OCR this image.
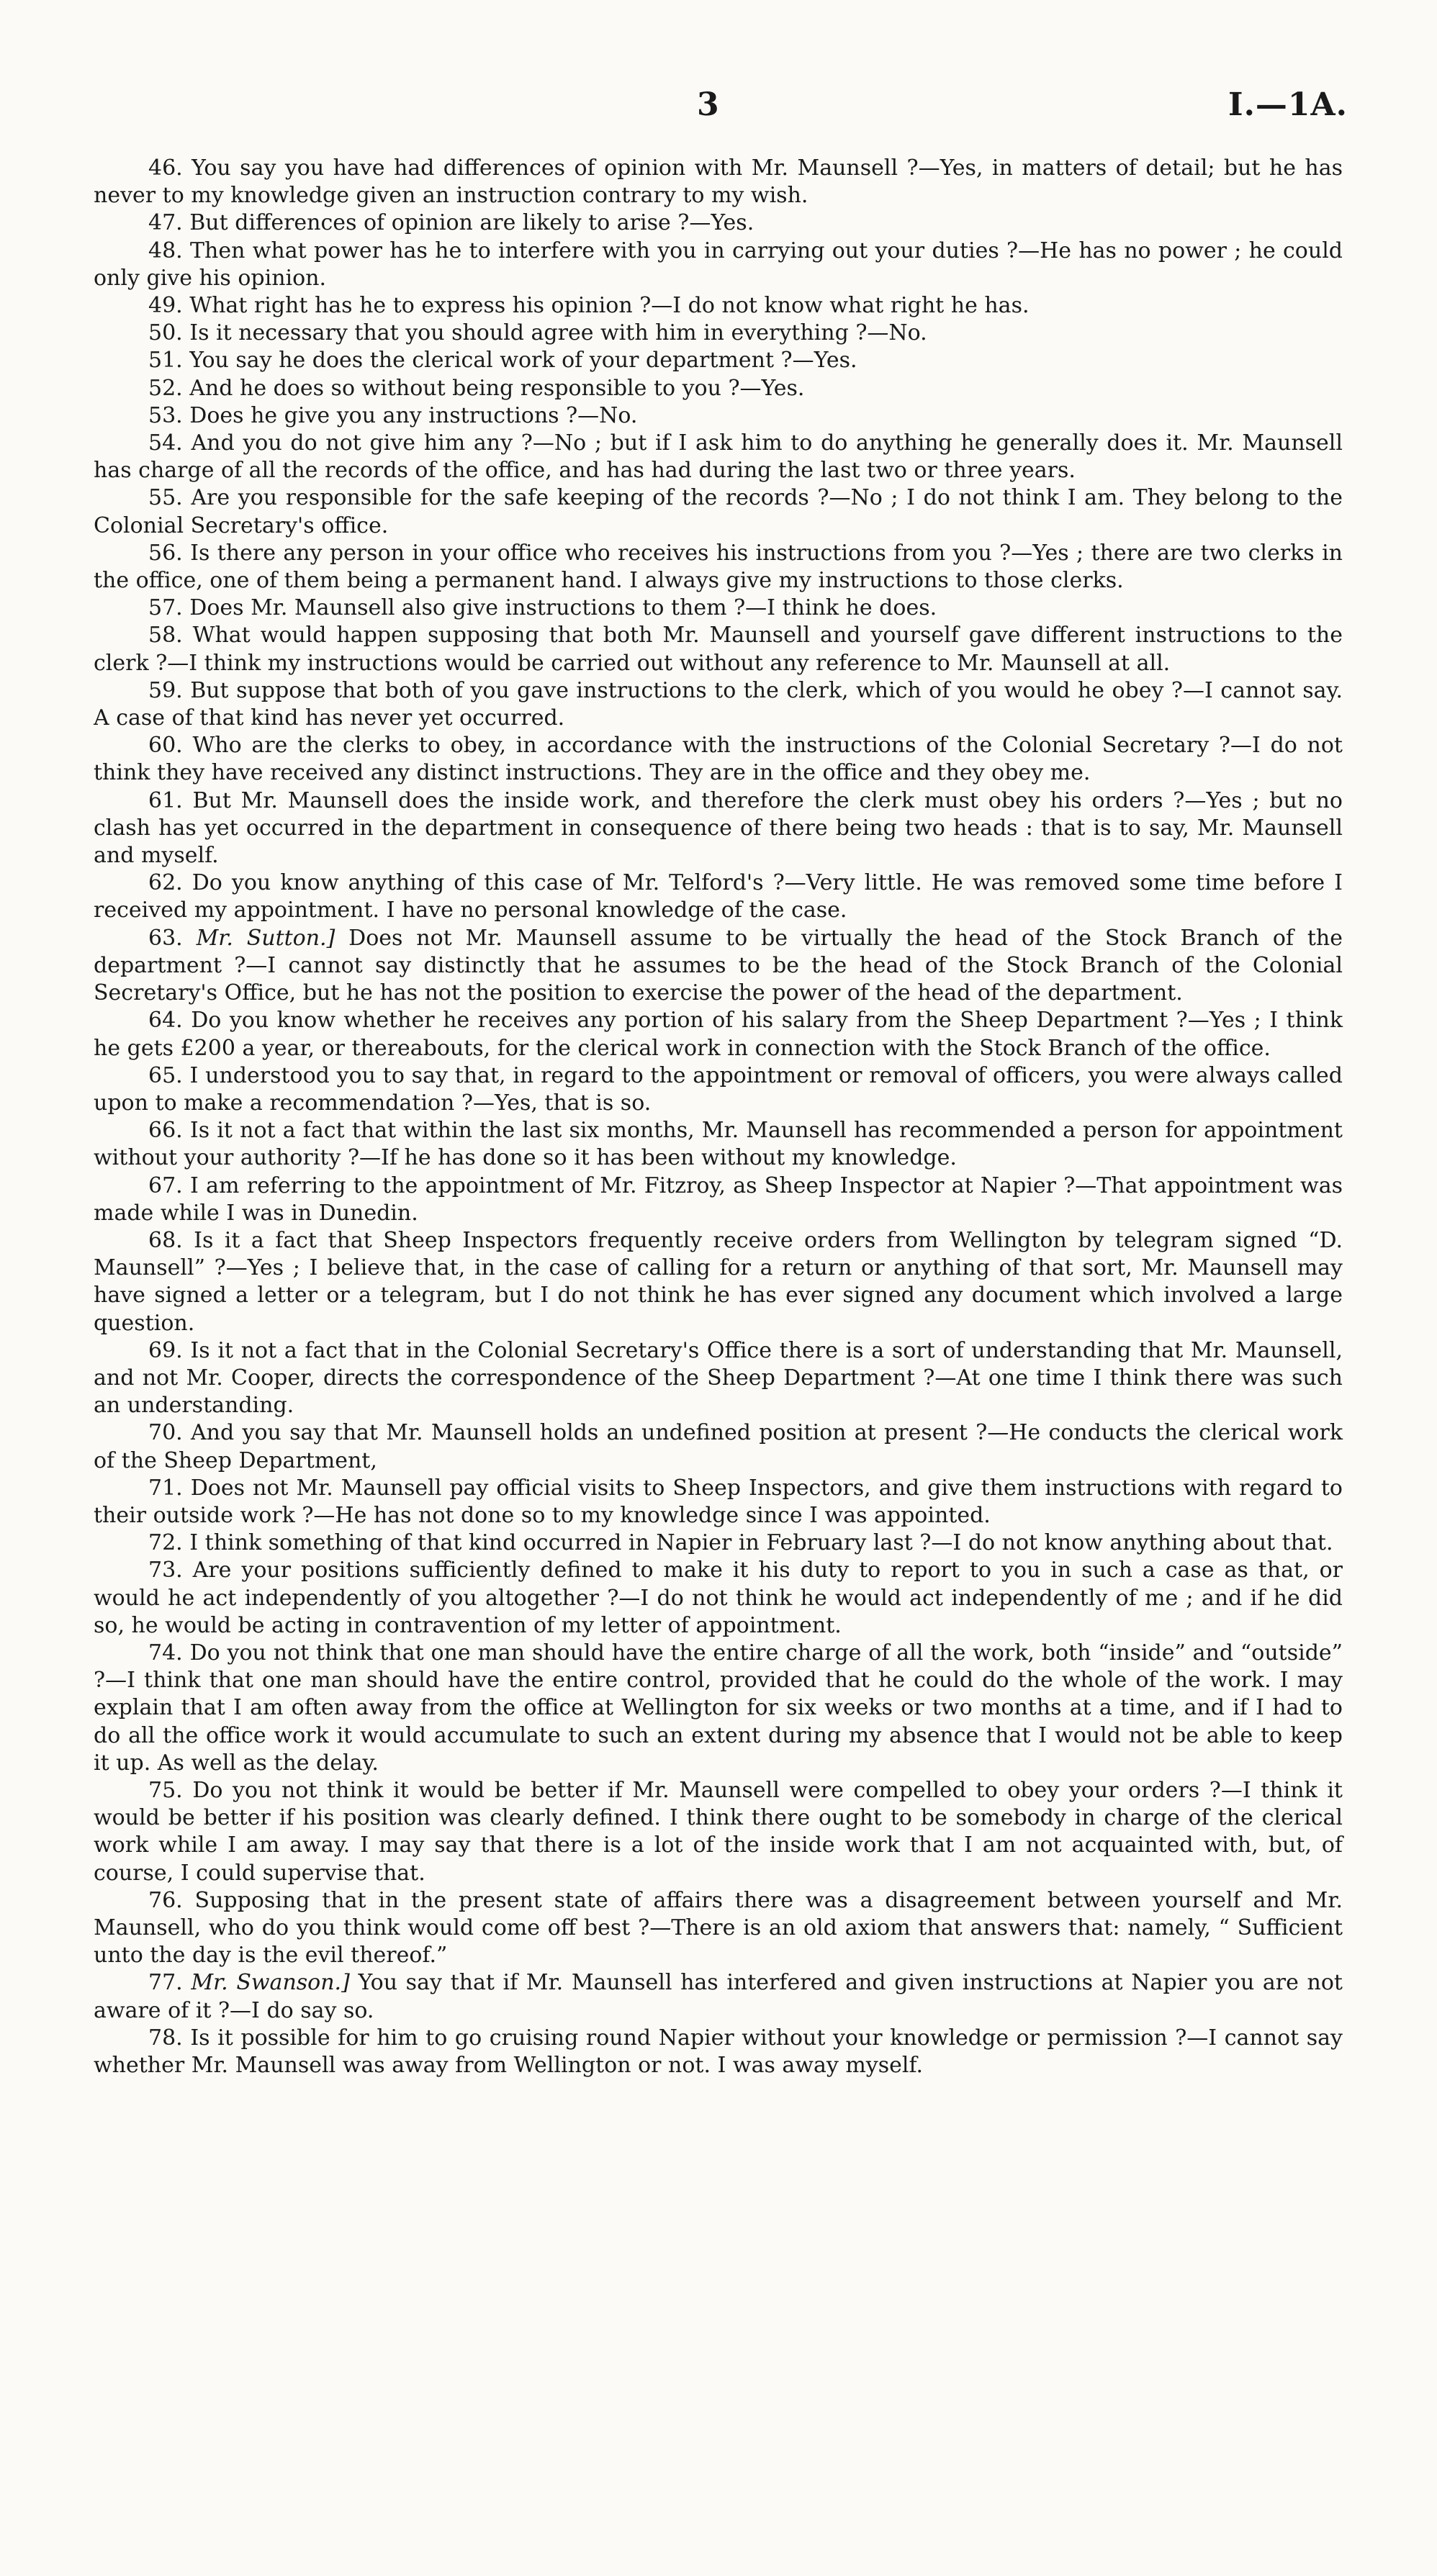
3	I.—1A.

46. You say you have had differences of opinion with Mr. Maunsell ?—Yes, in matters of detail; but he has never to my knowledge given an instruction contrary to my wish.

47. But differences of opinion are likely to arise ?—Yes.

48. Then what power has he to interfere with you in carrying out your duties ?—He has no power ; he could only give his opinion.

49. What right has he to express his opinion ?—I do not know what right he has.

50. Is it necessary that you should agree with him in everything ?—No.

51. You say he does the clerical work of your department ?—Yes.

52. And he does so without being responsible to you ?—Yes.

53. Does he give you any instructions ?—No.

54. And you do not give him any ?—No ; but if I ask him to do anything he generally does it. Mr. Maunsell has charge of all the records of the office, and has had during the last two or three years.

55. Are you responsible for the safe keeping of the records ?—No ; I do not think I am. They belong to the Colonial Secretary's office.

56. Is there any person in your office who receives his instructions from you ?—Yes ; there are two clerks in the office, one of them being a permanent hand. I always give my instructions to those clerks.

57. Does Mr. Maunsell also give instructions to them ?—I think he does.

58. What would happen supposing that both Mr. Maunsell and yourself gave different instructions to the clerk ?—I think my instructions would be carried out without any reference to Mr. Maunsell at all.

59. But suppose that both of you gave instructions to the clerk, which of you would he obey ?—I cannot say. A case of that kind has never yet occurred.

60. Who are the clerks to obey, in accordance with the instructions of the Colonial Secretary ?—I do not think they have received any distinct instructions. They are in the office and they obey me.

61. But Mr. Maunsell does the inside work, and therefore the clerk must obey his orders ?—Yes ; but no clash has yet occurred in the department in consequence of there being two heads : that is to say, Mr. Maunsell and myself.

62. Do you know anything of this case of Mr. Telford's ?—Very little. He was removed some time before I received my appointment. I have no personal knowledge of the case.

63. Mr. Sutton.] Does not Mr. Maunsell assume to be virtually the head of the Stock Branch of the department ?—I cannot say distinctly that he assumes to be the head of the Stock Branch of the Colonial Secretary's Office, but he has not the position to exercise the power of the head of the department.

64. Do you know whether he receives any portion of his salary from the Sheep Department ?—Yes ; I think he gets £200 a year, or thereabouts, for the clerical work in connection with the Stock Branch of the office.

65. I understood you to say that, in regard to the appointment or removal of officers, you were always called upon to make a recommendation ?—Yes, that is so.

66. Is it not a fact that within the last six months, Mr. Maunsell has recommended a person for appointment without your authority ?—If he has done so it has been without my knowledge.

67. I am referring to the appointment of Mr. Fitzroy, as Sheep Inspector at Napier ?—That appointment was made while I was in Dunedin.

68. Is it a fact that Sheep Inspectors frequently receive orders from Wellington by telegram signed “D. Maunsell” ?—Yes ; I believe that, in the case of calling for a return or anything of that sort, Mr. Maunsell may have signed a letter or a telegram, but I do not think he has ever signed any document which involved a large question.

69. Is it not a fact that in the Colonial Secretary's Office there is a sort of understanding that Mr. Maunsell, and not Mr. Cooper, directs the correspondence of the Sheep Department ?—At one time I think there was such an understanding.

70. And you say that Mr. Maunsell holds an undefined position at present ?—He conducts the clerical work of the Sheep Department,

71. Does not Mr. Maunsell pay official visits to Sheep Inspectors, and give them instructions with regard to their outside work ?—He has not done so to my knowledge since I was appointed.

72. I think something of that kind occurred in Napier in February last ?—I do not know anything about that.

73. Are your positions sufficiently defined to make it his duty to report to you in such a case as that, or would he act independently of you altogether ?—I do not think he would act independently of me ; and if he did so, he would be acting in contravention of my letter of appointment.

74. Do you not think that one man should have the entire charge of all the work, both “inside” and “outside” ?—I think that one man should have the entire control, provided that he could do the whole of the work. I may explain that I am often away from the office at Wellington for six weeks or two months at a time, and if I had to do all the office work it would accumulate to such an extent during my absence that I would not be able to keep it up. As well as the delay.

75. Do you not think it would be better if Mr. Maunsell were compelled to obey your orders ?—I think it would be better if his position was clearly defined. I think there ought to be somebody in charge of the clerical work while I am away. I may say that there is a lot of the inside work that I am not acquainted with, but, of course, I could supervise that.

76. Supposing that in the present state of affairs there was a disagreement between yourself and Mr. Maunsell, who do you think would come off best ?—There is an old axiom that answers that: namely, “ Sufficient unto the day is the evil thereof.”

77. Mr. Swanson.] You say that if Mr. Maunsell has interfered and given instructions at Napier you are not aware of it ?—I do say so.

78. Is it possible for him to go cruising round Napier without your knowledge or permission ?—I cannot say whether Mr. Maunsell was away from Wellington or not. I was away myself.
